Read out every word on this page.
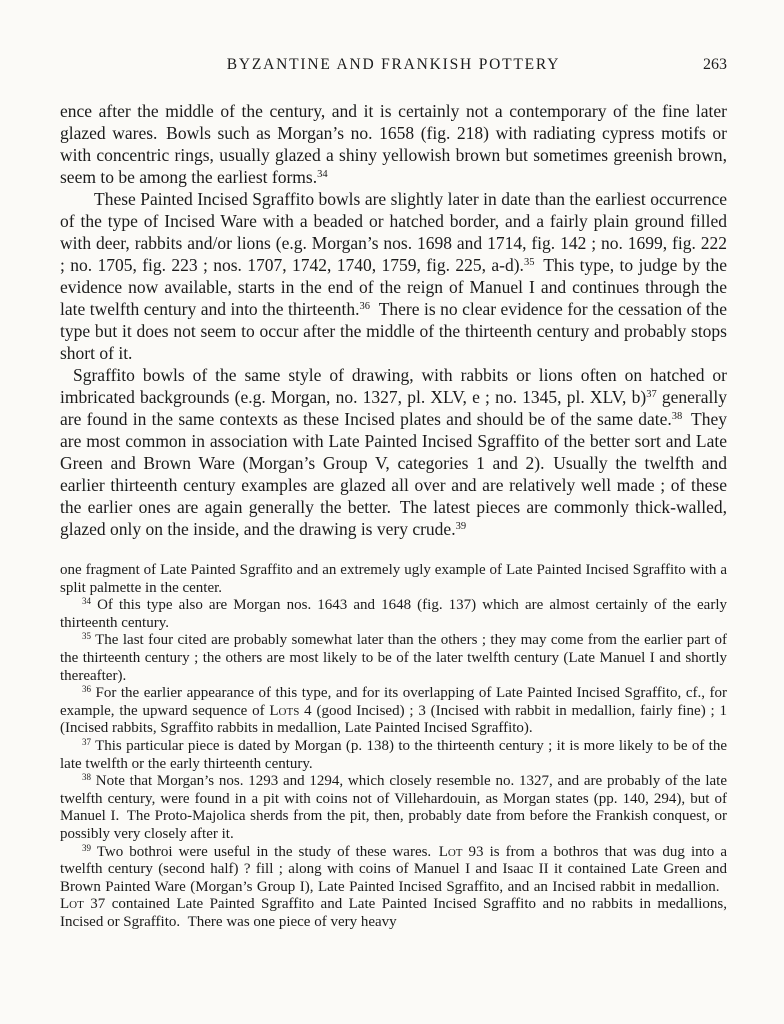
BYZANTINE AND FRANKISH POTTERY	263

ence after the middle of the century, and it is certainly not a contemporary of the fine later glazed wares. Bowls such as Morgan’s no. 1658 (fig. 218) with radiating cypress motifs or with concentric rings, usually glazed a shiny yellowish brown but sometimes greenish brown, seem to be among the earliest forms.$^{34}$

These Painted Incised Sgraffito bowls are slightly later in date than the earliest occurrence of the type of Incised Ware with a beaded or hatched border, and a fairly plain ground filled with deer, rabbits and/or lions (e.g. Morgan’s nos. 1698 and 1714, fig. 142 ; no. 1699, fig. 222 ; no. 1705, fig. 223 ; nos. 1707, 1742, 1740, 1759, fig. 225, a-d).$^{35}$ This type, to judge by the evidence now available, starts in the end of the reign of Manuel I and continues through the late twelfth century and into the thirteenth.$^{36}$ There is no clear evidence for the cessation of the type but it does not seem to occur after the middle of the thirteenth century and probably stops short of it.

Sgraffito bowls of the same style of drawing, with rabbits or lions often on hatched or imbricated backgrounds (e.g. Morgan, no. 1327, pl. XLV, e ; no. 1345, pl. XLV, b)$^{37}$ generally are found in the same contexts as these Incised plates and should be of the same date.$^{38}$ They are most common in association with Late Painted Incised Sgraffito of the better sort and Late Green and Brown Ware (Morgan’s Group V, categories 1 and 2). Usually the twelfth and earlier thirteenth century examples are glazed all over and are relatively well made ; of these the earlier ones are again generally the better. The latest pieces are commonly thick-walled, glazed only on the inside, and the drawing is very crude.$^{39}$

one fragment of Late Painted Sgraffito and an extremely ugly example of Late Painted Incised Sgraffito with a split palmette in the center.

$^{34}$ Of this type also are Morgan nos. 1643 and 1648 (fig. 137) which are almost certainly of the early thirteenth century.

$^{35}$ The last four cited are probably somewhat later than the others ; they may come from the earlier part of the thirteenth century ; the others are most likely to be of the later twelfth century (Late Manuel I and shortly thereafter).

$^{36}$ For the earlier appearance of this type, and for its overlapping of Late Painted Incised Sgraffito, cf., for example, the upward sequence of Lots 4 (good Incised) ; 3 (Incised with rabbit in medallion, fairly fine) ; 1 (Incised rabbits, Sgraffito rabbits in medallion, Late Painted Incised Sgraffito).

$^{37}$ This particular piece is dated by Morgan (p. 138) to the thirteenth century ; it is more likely to be of the late twelfth or the early thirteenth century.

$^{38}$ Note that Morgan’s nos. 1293 and 1294, which closely resemble no. 1327, and are probably of the late twelfth century, were found in a pit with coins not of Villehardouin, as Morgan states (pp. 140, 294), but of Manuel I. The Proto-Majolica sherds from the pit, then, probably date from before the Frankish conquest, or possibly very closely after it.

$^{39}$ Two bothroi were useful in the study of these wares. Lot 93 is from a bothros that was dug into a twelfth century (second half) ? fill ; along with coins of Manuel I and Isaac II it contained Late Green and Brown Painted Ware (Morgan’s Group I), Late Painted Incised Sgraffito, and an Incised rabbit in medallion. Lot 37 contained Late Painted Sgraffito and Late Painted Incised Sgraffito and no rabbits in medallions, Incised or Sgraffito. There was one piece of very heavy
